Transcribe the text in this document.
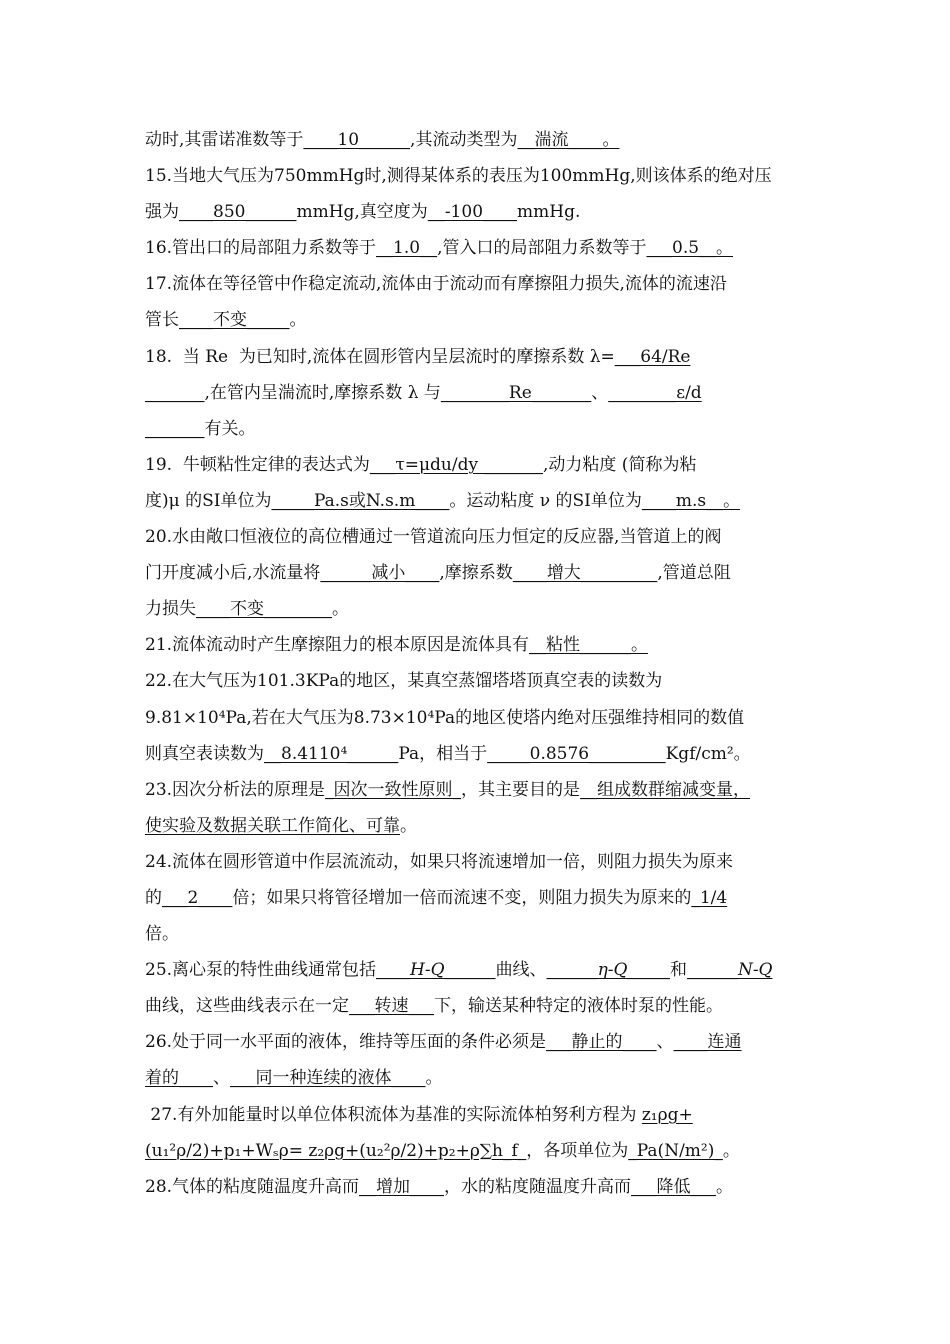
动时,其雷诺准数等于____10______,其流动类型为__湍流____。
15.当地大气压为750mmHg时,测得某体系的表压为100mmHg,则该体系的绝对压
强为____850______mmHg,真空度为__-100____mmHg.
16.管出口的局部阻力系数等于__1.0__,管入口的局部阻力系数等于___0.5__。
17.流体在等径管中作稳定流动,流体由于流动而有摩擦阻力损失,流体的流速沿
管长____不变_____。
18.  当 Re  为已知时,流体在圆形管内呈层流时的摩擦系数 λ=___64/Re
_______,在管内呈湍流时,摩擦系数 λ 与________Re_______、________ε/d
_______有关。
19.  牛顿粘性定律的表达式为___τ=μdu/dy _______,动力粘度 (简称为粘
度)μ 的SI单位为_____Pa.s或N.s.m____。运动粘度 ν 的SI单位为____m.s__。
20.水由敞口恒液位的高位槽通过一管道流向压力恒定的反应器,当管道上的阀
门开度减小后,水流量将______减小____,摩擦系数____增大_________,管道总阻
力损失____不变________。
21.流体流动时产生摩擦阻力的根本原因是流体具有__粘性______。
22.在大气压为101.3KPa的地区，某真空蒸馏塔塔顶真空表的读数为
9.81×10⁴Pa,若在大气压为8.73×10⁴Pa的地区使塔内绝对压强维持相同的数值
则真空表读数为__8.4110⁴______Pa，相当于_____0.8576_________Kgf/cm²。
23.因次分析法的原理是_因次一致性原则_，其主要目的是__组成数群缩减变量，
使实验及数据关联工作简化、可靠。
24.流体在圆形管道中作层流流动，如果只将流速增加一倍，则阻力损失为原来
的___2____倍；如果只将管径增加一倍而流速不变，则阻力损失为原来的_1/4
倍。
25.离心泵的特性曲线通常包括____H-Q______曲线、______η-Q_____和______N-Q
曲线，这些曲线表示在一定___转速___下，输送某种特定的液体时泵的性能。
26.处于同一水平面的液体，维持等压面的条件必须是___静止的____、____连通
着的____、___同一种连续的液体____。
27.有外加能量时以单位体积流体为基准的实际流体柏努利方程为 z₁ρg+
(u₁²ρ/2)+p₁+Wₛρ= z₂ρg+(u₂²ρ/2)+p₂+ρ∑h_f_，各项单位为_Pa(N/m²)_。
28.气体的粘度随温度升高而__增加____，水的粘度随温度升高而___降低___。
